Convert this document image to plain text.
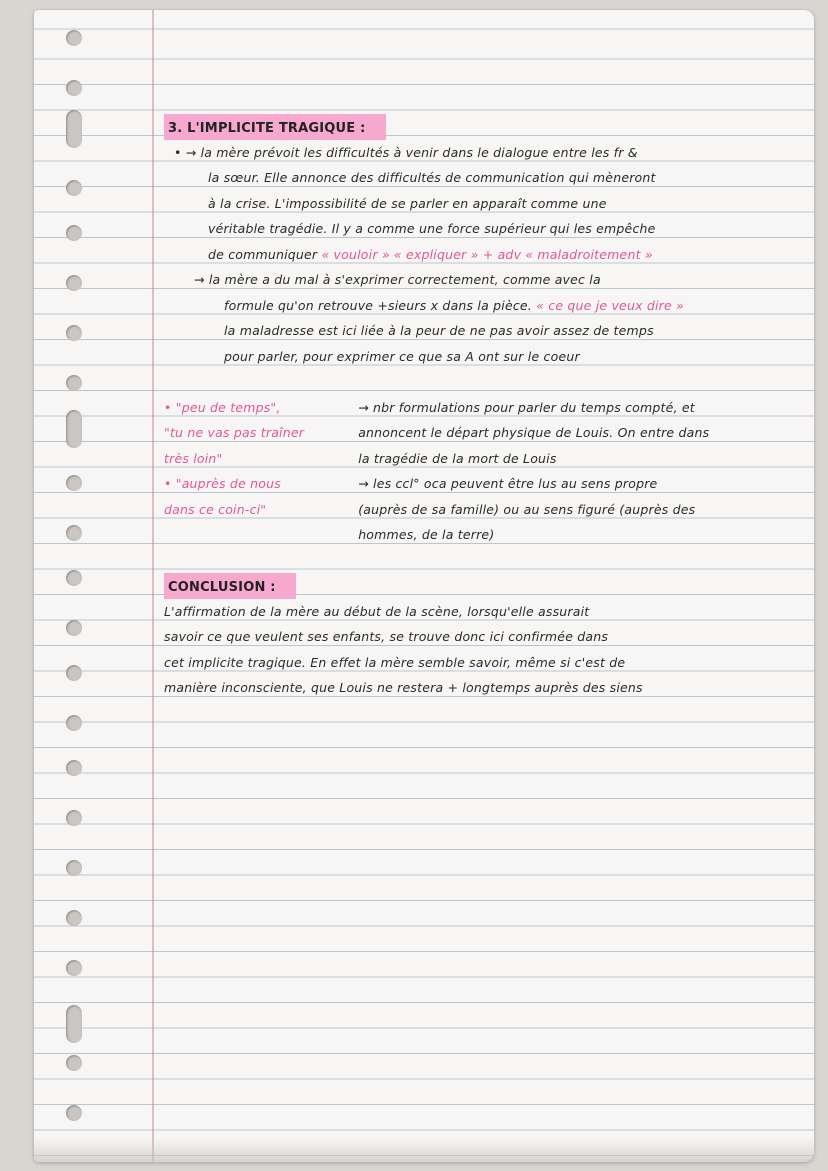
3. L'IMPLICITE TRAGIQUE :
• → la mère prévoit les difficultés à venir dans le dialogue entre les fr &
la sœur. Elle annonce des difficultés de communication qui mèneront
à la crise. L'impossibilité de se parler en apparaît comme une
véritable tragédie. Il y a comme une force supérieur qui les empêche
de communiquer « vouloir » « expliquer » + adv « maladroitement »
→ la mère a du mal à s'exprimer correctement, comme avec la
formule qu'on retrouve +sieurs x dans la pièce. « ce que je veux dire »
la maladresse est ici liée à la peur de ne pas avoir assez de temps
pour parler, pour exprimer ce que sa A ont sur le coeur
• "peu de temps",	→ nbr formulations pour parler du temps compté, et
"tu ne vas pas traîner	annoncent le départ physique de Louis. On entre dans
très loin"	la tragédie de la mort de Louis
• "auprès de nous	→ les ccl° oca peuvent être lus au sens propre
dans ce coin-ci"	(auprès de sa famille) ou au sens figuré (auprès des
hommes, de la terre)
CONCLUSION :
L'affirmation de la mère au début de la scène, lorsqu'elle assurait
savoir ce que veulent ses enfants, se trouve donc ici confirmée dans
cet implicite tragique. En effet la mère semble savoir, même si c'est de
manière inconsciente, que Louis ne restera + longtemps auprès des siens
